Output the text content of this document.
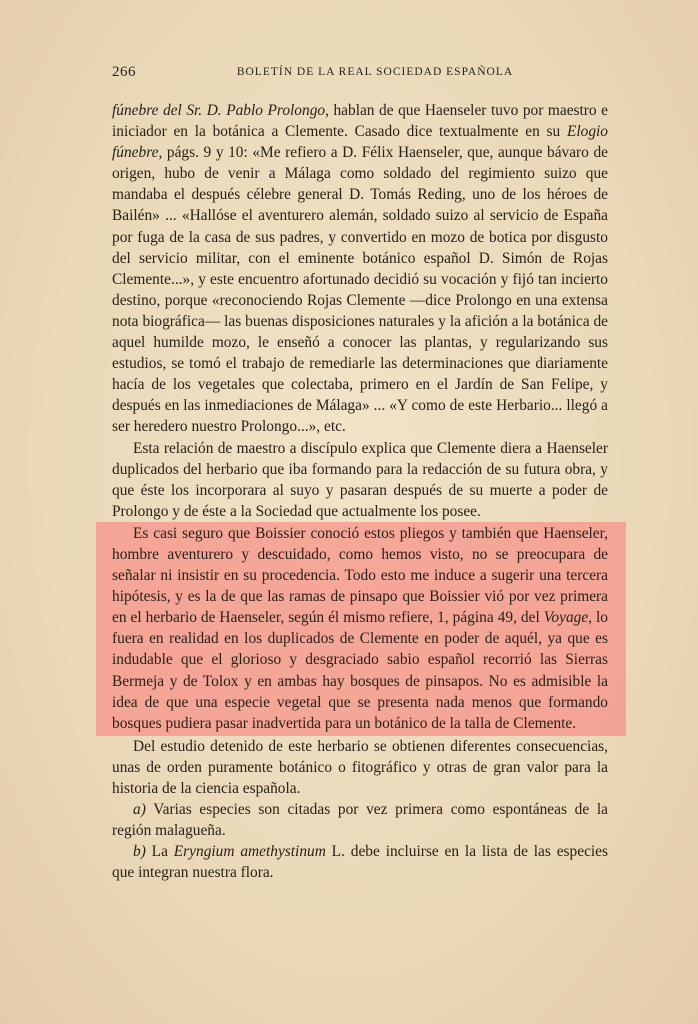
266	BOLETÍN DE LA REAL SOCIEDAD ESPAÑOLA

fúnebre del Sr. D. Pablo Prolongo, hablan de que Haenseler tuvo por maestro e iniciador en la botánica a Clemente. Casado dice textualmente en su Elogio fúnebre, págs. 9 y 10: «Me refiero a D. Félix Haenseler, que, aunque bávaro de origen, hubo de venir a Málaga como soldado del regimiento suizo que mandaba el después célebre general D. Tomás Reding, uno de los héroes de Bailén» ... «Hallóse el aventurero alemán, soldado suizo al servicio de España por fuga de la casa de sus padres, y convertido en mozo de botica por disgusto del servicio militar, con el eminente botánico español D. Simón de Rojas Clemente...», y este encuentro afortunado decidió su vocación y fijó tan incierto destino, porque «reconociendo Rojas Clemente —dice Prolongo en una extensa nota biográfica— las buenas disposiciones naturales y la afición a la botánica de aquel humilde mozo, le enseñó a conocer las plantas, y regularizando sus estudios, se tomó el trabajo de remediarle las determinaciones que diariamente hacía de los vegetales que colectaba, primero en el Jardín de San Felipe, y después en las inmediaciones de Málaga» ... «Y como de este Herbario... llegó a ser heredero nuestro Prolongo...», etc.

Esta relación de maestro a discípulo explica que Clemente diera a Haenseler duplicados del herbario que iba formando para la redacción de su futura obra, y que éste los incorporara al suyo y pasaran después de su muerte a poder de Prolongo y de éste a la Sociedad que actualmente los posee.

Es casi seguro que Boissier conoció estos pliegos y también que Haenseler, hombre aventurero y descuidado, como hemos visto, no se preocupara de señalar ni insistir en su procedencia. Todo esto me induce a sugerir una tercera hipótesis, y es la de que las ramas de pinsapo que Boissier vió por vez primera en el herbario de Haenseler, según él mismo refiere, 1, página 49, del Voyage, lo fuera en realidad en los duplicados de Clemente en poder de aquél, ya que es indudable que el glorioso y desgraciado sabio español recorrió las Sierras Bermeja y de Tolox y en ambas hay bosques de pinsapos. No es admisible la idea de que una especie vegetal que se presenta nada menos que formando bosques pudiera pasar inadvertida para un botánico de la talla de Clemente.

Del estudio detenido de este herbario se obtienen diferentes consecuencias, unas de orden puramente botánico o fitográfico y otras de gran valor para la historia de la ciencia española.

a) Varias especies son citadas por vez primera como espontáneas de la región malagueña.

b) La Eryngium amethystinum L. debe incluirse en la lista de las especies que integran nuestra flora.
